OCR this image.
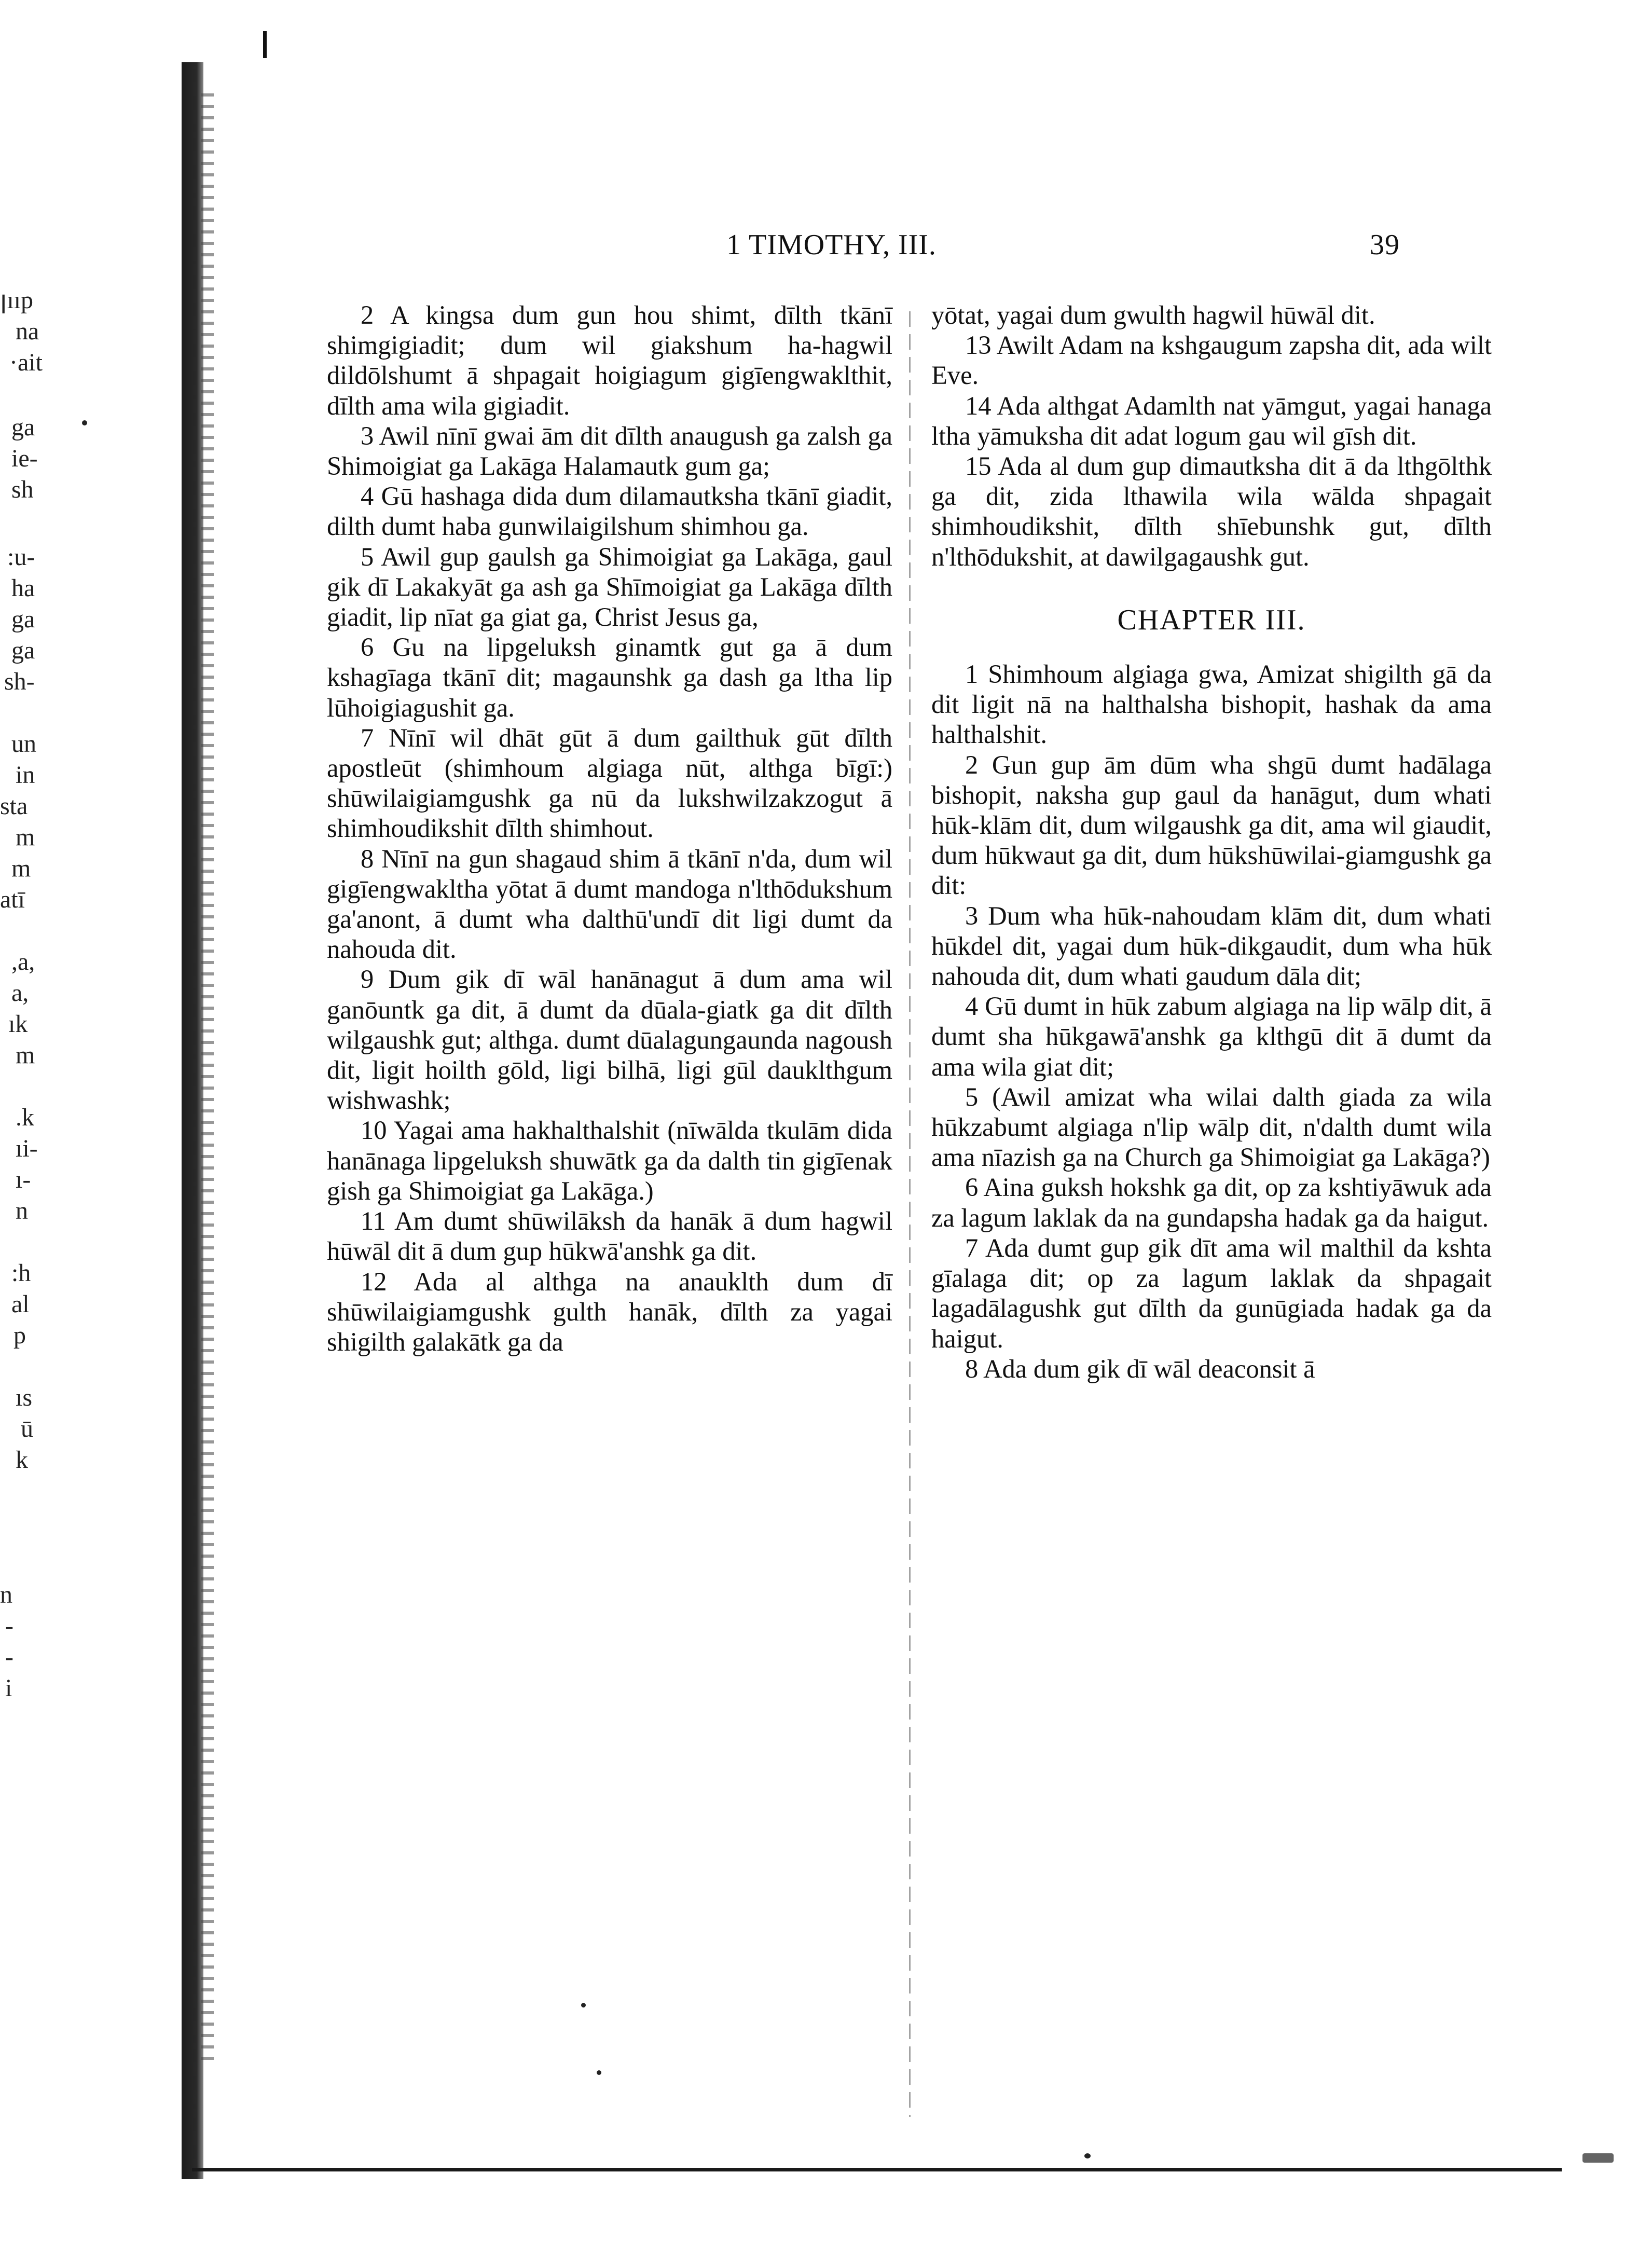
ꞁııp
na
·ait
ga
ie-
sh
:u-
ha
ga
ga
sh-
un
in
sta
m
m
atī
,a,
a,
ık
m
.k
ıi-
ı-
n
:h
al
p
ıs
ū
k
n
-
-
i
1 TIMOTHY, III.	39

2 A kingsa dum gun hou shimt, dīlth tkānī shimgigiadit; dum wil giakshum ha-hagwil dildōlshumt ā shpagait hoigiagum gigīengwaklthit, dīlth ama wila gigiadit.

3 Awil nīnī gwai ām dit dīlth anaugush ga zalsh ga Shimoigiat ga Lakāga Halamautk gum ga;

4 Gū hashaga dida dum dilamautksha tkānī giadit, dilth dumt haba gunwilaigilshum shimhou ga.

5 Awil gup gaulsh ga Shimoigiat ga Lakāga, gaul gik dī Lakakyāt ga ash ga Shīmoigiat ga Lakāga dīlth giadit, lip nīat ga giat ga, Christ Jesus ga,

6 Gu na lipgeluksh ginamtk gut ga ā dum kshagīaga tkānī dit; magaunshk ga dash ga ltha lip lūhoigiagushit ga.

7 Nīnī wil dhāt gūt ā dum gailthuk gūt dīlth apostleūt (shimhoum algiaga nūt, althga bīgī:) shūwilaigiamgushk ga nū da lukshwilzakzogut ā shimhoudikshit dīlth shimhout.

8 Nīnī na gun shagaud shim ā tkānī n'da, dum wil gigīengwakltha yōtat ā dumt mandoga n'lthōdukshum ga'anont, ā dumt wha dalthū'undī dit ligi dumt da nahouda dit.

9 Dum gik dī wāl hanānagut ā dum ama wil ganōuntk ga dit, ā dumt da dūala-giatk ga dit dīlth wilgaushk gut; althga. dumt dūalagungaunda nagoush dit, ligit hoilth gōld, ligi bilhā, ligi gūl dauklthgum wishwashk;

10 Yagai ama hakhalthalshit (nīwālda tkulām dida hanānaga lipgeluksh shuwātk ga da dalth tin gigīenak gish ga Shimoigiat ga Lakāga.)

11 Am dumt shūwilāksh da hanāk ā dum hagwil hūwāl dit ā dum gup hūkwā'anshk ga dit.

12 Ada al althga na anauklth dum dī shūwilaigiamgushk gulth hanāk, dīlth za yagai shigilth galakātk ga da

yōtat, yagai dum gwulth hagwil hūwāl dit.

13 Awilt Adam na kshgaugum zapsha dit, ada wilt Eve.

14 Ada althgat Adamlth nat yāmgut, yagai hanaga ltha yāmuksha dit adat logum gau wil gīsh dit.

15 Ada al dum gup dimautksha dit ā da lthgōlthk ga dit, zida lthawila wila wālda shpagait shimhoudikshit, dīlth shīebunshk gut, dīlth n'lthōdukshit, at dawilgagaushk gut.

CHAPTER III.

1 Shimhoum algiaga gwa, Amizat shigilth gā da dit ligit nā na halthalsha bishopit, hashak da ama halthalshit.

2 Gun gup ām dūm wha shgū dumt hadālaga bishopit, naksha gup gaul da hanāgut, dum whati hūk-klām dit, dum wilgaushk ga dit, ama wil giaudit, dum hūkwaut ga dit, dum hūkshūwilai-giamgushk ga dit:

3 Dum wha hūk-nahoudam klām dit, dum whati hūkdel dit, yagai dum hūk-dikgaudit, dum wha hūk nahouda dit, dum whati gaudum dāla dit;

4 Gū dumt in hūk zabum algiaga na lip wālp dit, ā dumt sha hūkgawā'anshk ga klthgū dit ā dumt da ama wila giat dit;

5 (Awil amizat wha wilai dalth giada za wila hūkzabumt algiaga n'lip wālp dit, n'dalth dumt wila ama nīazish ga na Church ga Shimoigiat ga Lakāga?)

6 Aina guksh hokshk ga dit, op za kshtiyāwuk ada za lagum laklak da na gundapsha hadak ga da haigut.

7 Ada dumt gup gik dīt ama wil malthil da kshta gīalaga dit; op za lagum laklak da shpagait lagadālagushk gut dīlth da gunūgiada hadak ga da haigut.

8 Ada dum gik dī wāl deaconsit ā
